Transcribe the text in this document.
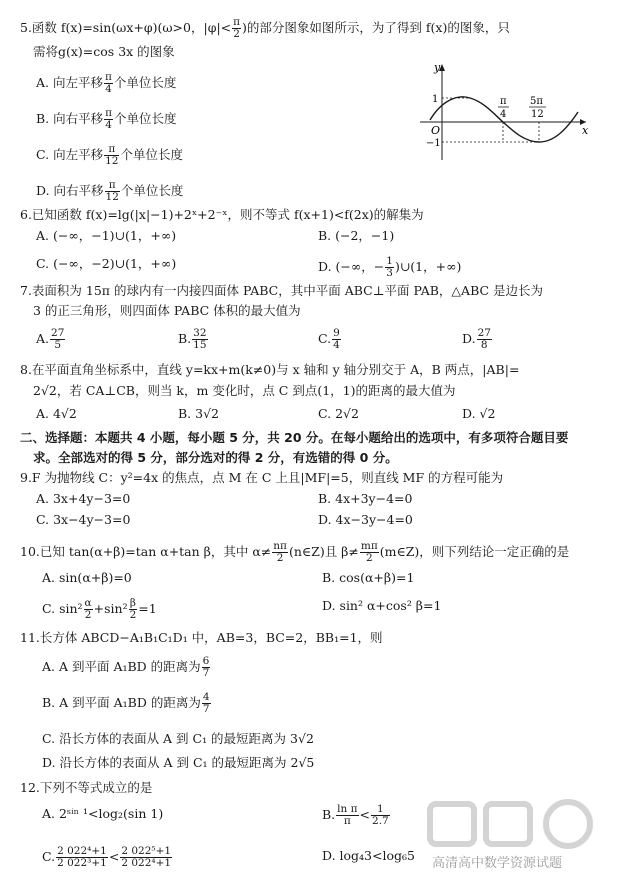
5.函数 f(x)=sin(ωx+φ)(ω>0，$|\varphi|< \frac{\pi}{2}$ )的部分图象如图所示，为了得到 f(x)的图象，只
需将g(x)=cos 3x 的图象
A. 向左平移 $\frac{\pi}{4}$ 个单位长度
B. 向右平移 $\frac{\pi}{4}$ 个单位长度
C. 向左平移 $\frac{\pi}{12}$ 个单位长度
D. 向右平移 $\frac{\pi}{12}$ 个单位长度
y
x
O
1
−1
π
4
5π
12
6.已知函数 f(x)=lg(|x|−1)+2ˣ+2⁻ˣ，则不等式 f(x+1)<f(2x)的解集为
A. (−∞，−1)∪(1，+∞)	B. (−2，−1)
C. (−∞，−2)∪(1，+∞)	D. (−∞，− $\frac{1}{3}$ )∪(1，+∞)
7.表面积为 15π 的球内有一内接四面体 PABC，其中平面 ABC⊥平面 PAB，△ABC 是边长为
3 的正三角形，则四面体 PABC 体积的最大值为
A. $\frac{27}{5}$	B. $\frac{32}{15}$	C. $\frac{9}{4}$	D. $\frac{27}{8}$
8.在平面直角坐标系中，直线 y=kx+m(k≠0)与 x 轴和 y 轴分别交于 A，B 两点，|AB|=
2√2，若 CA⊥CB，则当 k，m 变化时，点 C 到点(1，1)的距离的最大值为
A. 4√2	B. 3√2	C. 2√2	D. √2
二、选择题：本题共 4 小题，每小题 5 分，共 20 分。在每小题给出的选项中，有多项符合题目要
求。全部选对的得 5 分，部分选对的得 2 分，有选错的得 0 分。
9.F 为抛物线 C：y²=4x 的焦点，点 M 在 C 上且|MF|=5，则直线 MF 的方程可能为
A. 3x+4y−3=0	B. 4x+3y−4=0
C. 3x−4y−3=0	D. 4x−3y−4=0
10.已知 tan(α+β)=tan α+tan β，其中 $\alpha\ne \frac{n\pi}{2}$ (n∈Z)且 $\beta\ne \frac{m\pi}{2}$ (m∈Z)，则下列结论一定正确的是
A. sin(α+β)=0	B. cos(α+β)=1
C. $\sin^2 \frac{\alpha}{2} +\sin^2 \frac{\beta}{2} =1$	D. sin² α+cos² β=1
11.长方体 ABCD−A₁B₁C₁D₁ 中，AB=3，BC=2，BB₁=1，则
A. A 到平面 A₁BD 的距离为 $\frac{6}{7}$
B. A 到平面 A₁BD 的距离为 $\frac{4}{7}$
C. 沿长方体的表面从 A 到 C₁ 的最短距离为 3√2
D. 沿长方体的表面从 A 到 C₁ 的最短距离为 2√5
12.下列不等式成立的是
A. 2ˢⁱⁿ ¹<log₂(sin 1)	B. $\frac{\text{ln π}}{\pi} < \frac{1}{2.7}$
C. $\frac{\text{2 022⁴+1}}{\text{2 022³+1}} < \frac{\text{2 022⁵+1}}{\text{2 022⁴+1}}$	D. log₄3<log₆5
高清高中数学资源试题
